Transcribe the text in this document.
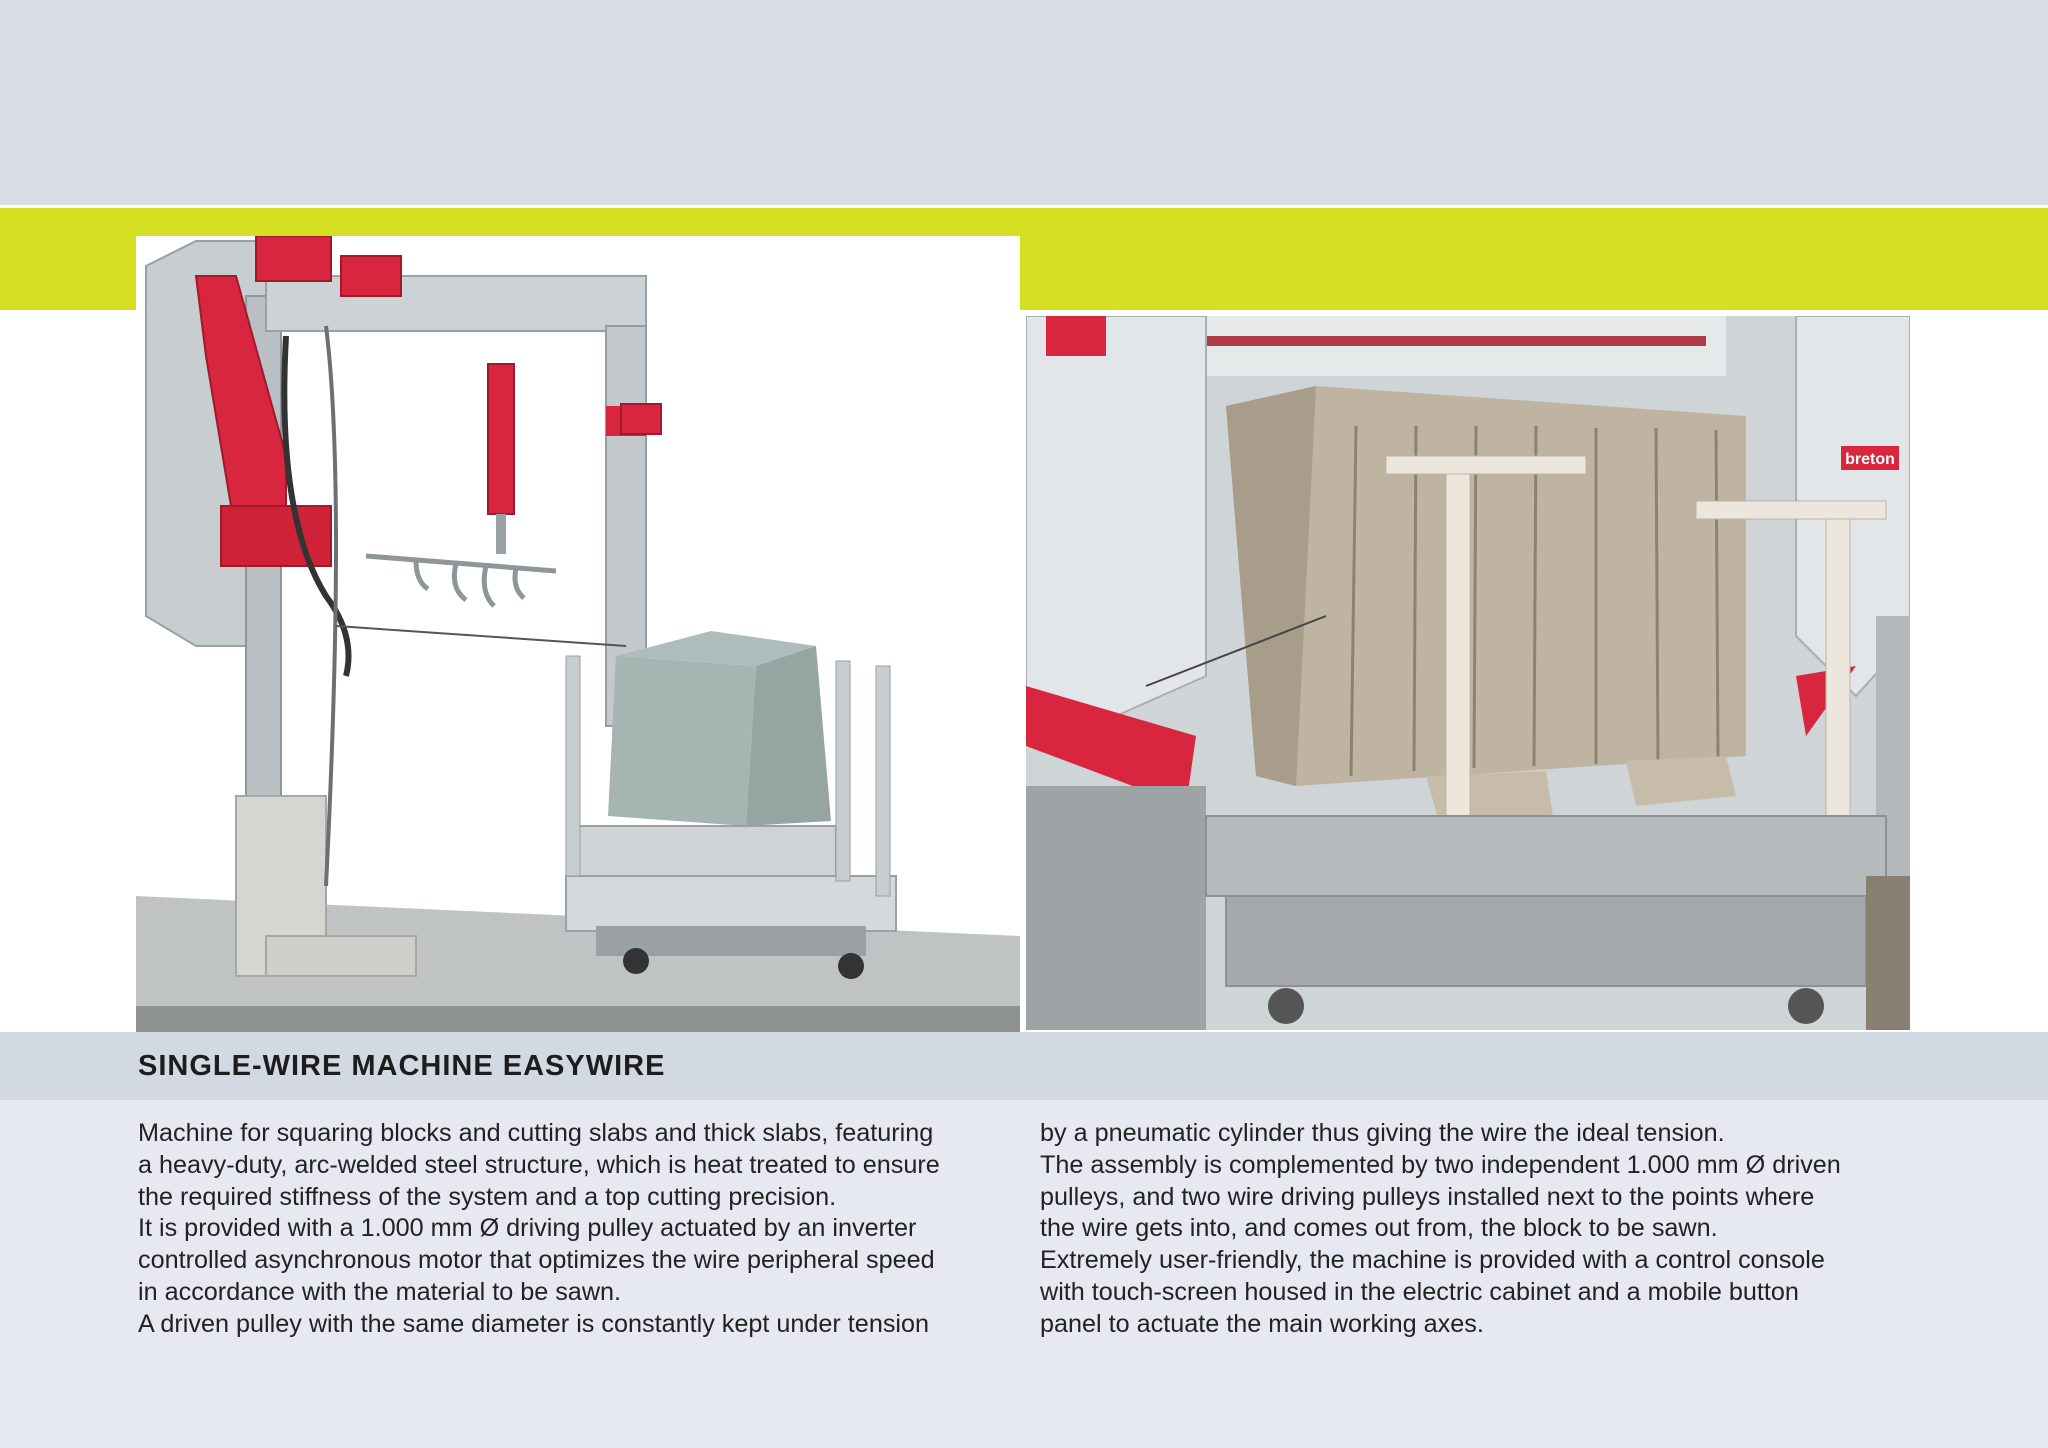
breton
SINGLE-WIRE MACHINE EASYWIRE

Machine for squaring blocks and cutting slabs and thick slabs, featuring

a heavy-duty, arc-welded steel structure, which is heat treated to ensure

the required stiffness of the system and a top cutting precision.

It is provided with a 1.000 mm Ø driving pulley actuated by an inverter

controlled asynchronous motor that optimizes the wire peripheral speed

in accordance with the material to be sawn.

A driven pulley with the same diameter is constantly kept under tension

by a pneumatic cylinder thus giving the wire the ideal tension.

The assembly is complemented by two independent 1.000 mm Ø driven

pulleys, and two wire driving pulleys installed next to the points where

the wire gets into, and comes out from, the block to be sawn.

Extremely user-friendly, the machine is provided with a control console

with touch-screen housed in the electric cabinet and a mobile button

panel to actuate the main working axes.
